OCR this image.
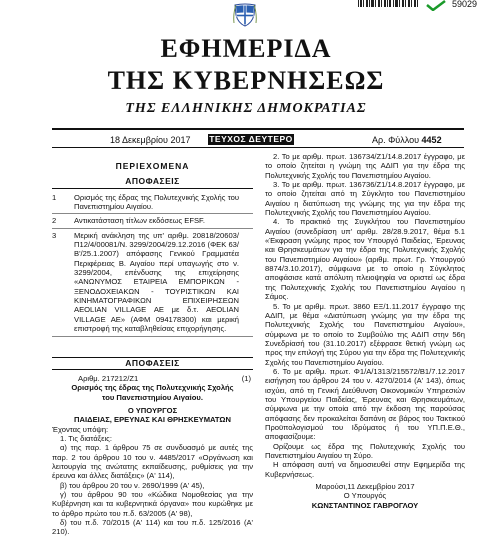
59029
ΕΦΗΜΕΡΙΔΑ
ΤΗΣ ΚΥΒΕΡΝΗΣΕΩΣ
ΤΗΣ ΕΛΛΗΝΙΚΗΣ ΔΗΜΟΚΡΑΤΙΑΣ
18 Δεκεμβρίου 2017 ΤΕΥΧΟΣ ΔΕΥΤΕΡΟ	Αρ. Φύλλου 4452
ΠΕΡΙΕΧΟΜΕΝΑ
ΑΠΟΦΑΣΕΙΣ
1	Ορισμός της έδρας της Πολυτεχνικής Σχολής του Πανεπιστημίου Αιγαίου.
2	Αντικατάσταση τίτλων εκδόσεως EFSF.
3	Μερική ανάκληση της υπ' αριθμ. 20818/20603/Π12/4/00081/Ν. 3299/2004/29.12.2016 (ΦΕΚ 63/Β'/25.1.2007) απόφασης Γενικού Γραμματέα Περιφέρειας Β. Αιγαίου περί υπαγωγής στο ν. 3299/2004, επένδυσης της επιχείρησης «ΑΝΩΝΥΜΟΣ ΕΤΑΙΡΕΙΑ ΕΜΠΟΡΙΚΩΝ - ΞΕΝΟΔΟΧΕΙΑΚΩΝ - ΤΟΥΡΙΣΤΙΚΩΝ ΚΑΙ ΚΙΝΗΜΑΤΟΓΡΑΦΙΚΩΝ ΕΠΙΧΕΙΡΗΣΕΩΝ AEOLIAN VILLAGE ΑΕ με δ.τ. AEOLIAN VILLAGE AE» (ΑΦΜ 094178300) και μερική επιστροφή της καταβληθείσας επιχορήγησης.
ΑΠΟΦΑΣΕΙΣ
Αριθμ. 217212/Ζ1	(1)
Ορισμός της έδρας της Πολυτεχνικής Σχολής του Πανεπιστημίου Αιγαίου.
Ο ΥΠΟΥΡΓΟΣ
ΠΑΙΔΕΙΑΣ, ΕΡΕΥΝΑΣ ΚΑΙ ΘΡΗΣΚΕΥΜΑΤΩΝ
Έχοντας υπόψη:
1. Τις διατάξεις:
α) της παρ. 1 άρθρου 75 σε συνδυασμό με αυτές της παρ. 2 του άρθρου 10 του ν. 4485/2017 «Οργάνωση και λειτουργία της ανώτατης εκπαίδευσης, ρυθμίσεις για την έρευνα και άλλες διατάξεις» (Α' 114),
β) του άρθρου 20 του ν. 2690/1999 (Α' 45),
γ) του άρθρου 90 του «Κώδικα Νομοθεσίας για την Κυβέρνηση και τα κυβερνητικά όργανα» που κυρώθηκε με το άρθρο πρώτο του π.δ. 63/2005 (Α' 98),
δ) του π.δ. 70/2015 (Α' 114) και του π.δ. 125/2016 (Α' 210).
2. Το με αριθμ. πρωτ. 136734/Ζ1/14.8.2017 έγγραφο, με το οποίο ζητείται η γνώμη της ΑΔΙΠ για την έδρα της Πολυτεχνικής Σχολής του Πανεπιστημίου Αιγαίου.
3. Το με αριθμ. πρωτ. 136736/Ζ1/14.8.2017 έγγραφο, με το οποίο ζητείται από τη Σύγκλητο του Πανεπιστημίου Αιγαίου η διατύπωση της γνώμης της για την έδρα της Πολυτεχνικής Σχολής του Πανεπιστημίου Αιγαίου.
4. Το πρακτικό της Συγκλήτου του Πανεπιστημίου Αιγαίου (συνεδρίαση υπ' αριθμ. 28/28.9.2017, θέμα 5.1 «Έκφραση γνώμης προς τον Υπουργό Παιδείας, Έρευνας και Θρησκευμάτων για την έδρα της Πολυτεχνικής Σχολής του Πανεπιστημίου Αιγαίου» (αριθμ. πρωτ. Γρ. Υπουργού 8874/3.10.2017), σύμφωνα με το οποίο η Σύγκλητος αποφάσισε κατά απόλυτη πλειοψηφία να οριστεί ως έδρα της Πολυτεχνικής Σχολής του Πανεπιστημίου Αιγαίου η Σάμος.
5. Το με αριθμ. πρωτ. 3860 ΕΞ/1.11.2017 έγγραφο της ΑΔΙΠ, με θέμα «Διατύπωση γνώμης για την έδρα της Πολυτεχνικής Σχολής του Πανεπιστημίου Αιγαίου», σύμφωνα με το οποίο το Συμβούλιο της ΑΔΙΠ στην 56η Συνεδρίασή του (31.10.2017) εξέφρασε θετική γνώμη ως προς την επιλογή της Σύρου για την έδρα της Πολυτεχνικής Σχολής του Πανεπιστημίου Αιγαίου.
6. Το με αριθμ. πρωτ. Φ1/Α/1313/215572/Β1/7.12.2017 εισήγηση του άρθρου 24 του ν. 4270/2014 (Α' 143), όπως ισχύει, από τη Γενική Διεύθυνση Οικονομικών Υπηρεσιών του Υπουργείου Παιδείας, Έρευνας και Θρησκευμάτων, σύμφωνα με την οποία από την έκδοση της παρούσας απόφασης δεν προκαλείται δαπάνη σε βάρος του Τακτικού Προϋπολογισμού του Ιδρύματος ή του ΥΠ.Π.Ε.Θ., αποφασίζουμε:
Ορίζουμε ως έδρα της Πολυτεχνικής Σχολής του Πανεπιστημίου Αιγαίου τη Σύρο.
Η απόφαση αυτή να δημοσιευθεί στην Εφημερίδα της Κυβερνήσεως.
Μαρούσι,11 Δεκεμβρίου 2017
Ο Υπουργός
ΚΩΝΣΤΑΝΤΙΝΟΣ ΓΑΒΡΟΓΛΟΥ
